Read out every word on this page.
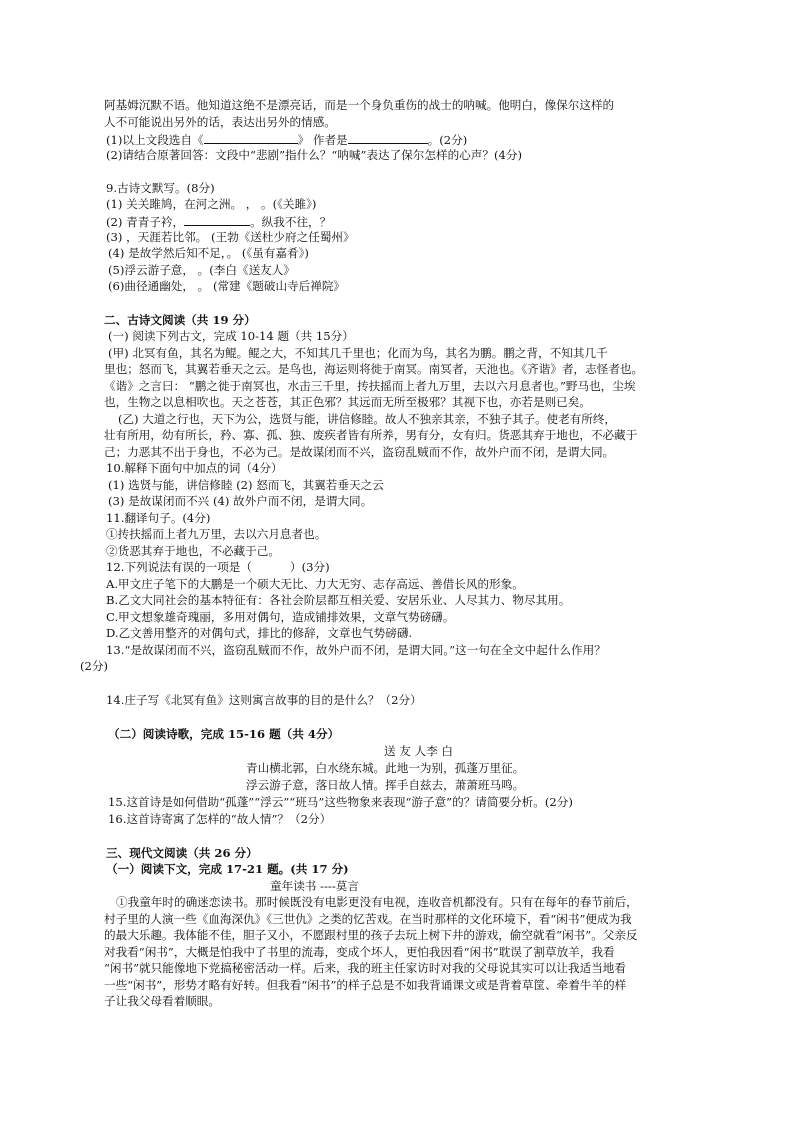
阿基姆沉默不语。他知道这绝不是漂亮话，而是一个身负重伤的战士的呐喊。他明白，像保尔这样的
人不可能说出另外的话，表达出另外的情感。
(1)以上文段选自《	》 作者是	。(2分)
(2)请结合原著回答：文段中“悲剧”指什么？“呐喊”表达了保尔怎样的心声？(4分)
9.古诗文默写。(8分)
(1) 关关雎鸠，在河之洲。 ， 。(《关雎》)
(2) 青青子衿，	。纵我不往，？
(3) ，天涯若比邻。 (王勃《送杜少府之任蜀州》
(4) 是故学然后知不足，。 (《虽有嘉肴》)
(5)浮云游子意， 。(李白《送友人》
(6)曲径通幽处， 。 (常建《题破山寺后禅院》
二、古诗文阅读（共 19 分）
(一) 阅读下列古文，完成 10-14 题（共 15分）
(甲) 北冥有鱼，其名为鲲。鲲之大，不知其几千里也；化而为鸟，其名为鹏。鹏之背，不知其几千
里也；怒而飞，其翼若垂天之云。是鸟也，海运则将徙于南冥。南冥者，天池也。《齐谐》者，志怪者也。
《谐》之言曰： “鹏之徙于南冥也，水击三千里，抟扶摇而上者九万里，去以六月息者也。”野马也，尘埃
也，生物之以息相吹也。天之苍苍，其正色邪？其远而无所至极邪？其视下也，亦若是则已矣。
(乙) 大道之行也，天下为公，选贤与能，讲信修睦。故人不独亲其亲，不独子其子。使老有所终，
壮有所用，幼有所长，矜、寡、孤、独、废疾者皆有所养，男有分，女有归。货恶其弃于地也，不必藏于
己；力恶其不出于身也，不必为己。是故谋闭而不兴，盗窃乱贼而不作，故外户而不闭，是谓大同。
10.解释下面句中加点的词（4分）
(1) 选贤与能，讲信修睦 (2) 怒而飞，其翼若垂天之云
(3) 是故谋闭而不兴 (4) 故外户而不闭，是谓大同。
11.翻译句子。(4分)
①抟扶摇而上者九万里，去以六月息者也。
②货恶其弃于地也，不必藏于己。
12.下列说法有误的一项是（	）(3分)
A.甲文庄子笔下的大鹏是一个硕大无比、力大无穷、志存高远、善借长风的形象。
B.乙文大同社会的基本特征有：各社会阶层都互相关爱、安居乐业、人尽其力、物尽其用。
C.甲文想象雄奇瑰丽，多用对偶句，造成铺排效果，文章气势磅礴。
D.乙文善用整齐的对偶句式，排比的修辞，文章也气势磅礴.
13.“是故谋闭而不兴，盗窃乱贼而不作，故外户而不闭，是谓大同。”这一句在全文中起什么作用？
(2分)
14.庄子写《北冥有鱼》这则寓言故事的目的是什么？（2分）
（二）阅读诗歌，完成 15-16 题（共 4分）
送 友 人李 白
青山横北郭，白水绕东城。此地一为别，孤蓬万里征。
浮云游子意，落日故人情。挥手自兹去，萧萧班马鸣。
15.这首诗是如何借助“孤蓬”“浮云”“班马”这些物象来表现“游子意”的？请简要分析。(2分)
16.这首诗寄寓了怎样的“故人情”？（2分）
三、现代文阅读（共 26 分）
（一）阅读下文，完成 17-21 题。(共 17 分)
童年读书 ----莫言
①我童年时的确迷恋读书。那时候既没有电影更没有电视，连收音机都没有。只有在每年的春节前后，
村子里的人演一些《血海深仇》《三世仇》之类的忆苦戏。在当时那样的文化环境下，看“闲书”便成为我
的最大乐趣。我体能不佳，胆子又小，不愿跟村里的孩子去玩上树下井的游戏，偷空就看“闲书”。父亲反
对我看“闲书”，大概是怕我中了书里的流毒，变成个坏人，更怕我因看“闲书”耽误了割草放羊，我看
“闲书”就只能像地下党搞秘密活动一样。后来，我的班主任家访时对我的父母说其实可以让我适当地看
一些“闲书”，形势才略有好转。但我看“闲书”的样子总是不如我背诵课文或是背着草筐、牵着牛羊的样
子让我父母看着顺眼。
